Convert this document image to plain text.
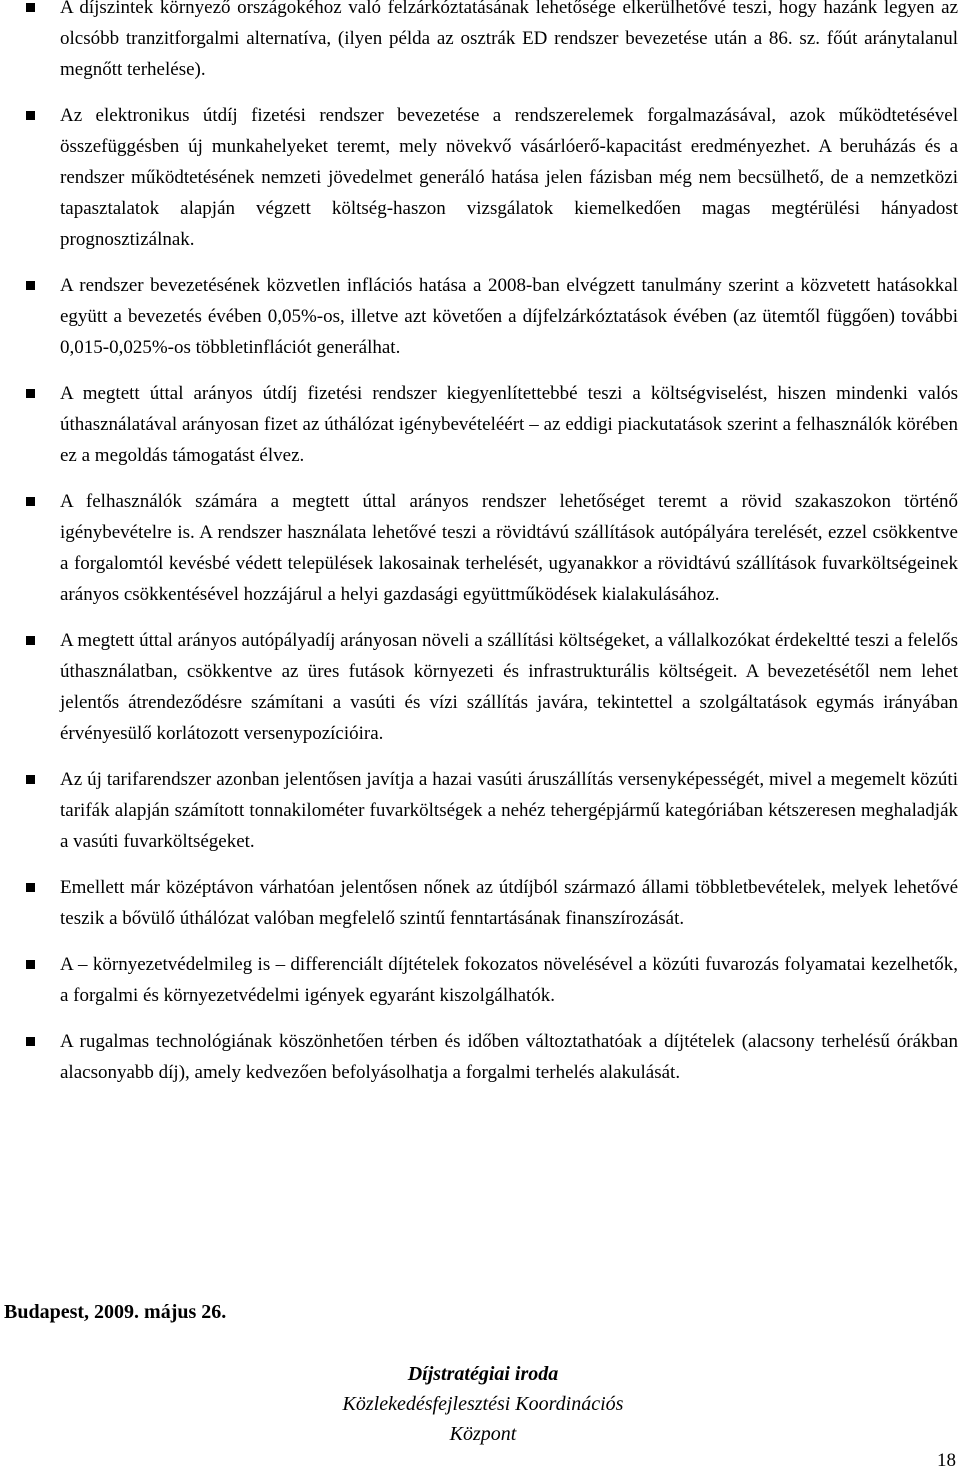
A díjszintek környező országokéhoz való felzárkóztatásának lehetősége elkerülhetővé teszi, hogy hazánk legyen az olcsóbb tranzitforgalmi alternatíva, (ilyen példa az osztrák ED rendszer bevezetése után a 86. sz. főút aránytalanul megnőtt terhelése).
Az elektronikus útdíj fizetési rendszer bevezetése a rendszerelemek forgalmazásával, azok működtetésével összefüggésben új munkahelyeket teremt, mely növekvő vásárlóerő-kapacitást eredményezhet. A beruházás és a rendszer működtetésének nemzeti jövedelmet generáló hatása jelen fázisban még nem becsülhető, de a nemzetközi tapasztalatok alapján végzett költség-haszon vizsgálatok kiemelkedően magas megtérülési hányadost prognosztizálnak.
A rendszer bevezetésének közvetlen inflációs hatása a 2008-ban elvégzett tanulmány szerint a közvetett hatásokkal együtt a bevezetés évében 0,05%-os, illetve azt követően a díjfelzárkóztatások évében (az ütemtől függően) további 0,015-0,025%-os többletinflációt generálhat.
A megtett úttal arányos útdíj fizetési rendszer kiegyenlítettebbé teszi a költségviselést, hiszen mindenki valós úthasználatával arányosan fizet az úthálózat igénybevételéért – az eddigi piackutatások szerint a felhasználók körében ez a megoldás támogatást élvez.
A felhasználók számára a megtett úttal arányos rendszer lehetőséget teremt a rövid szakaszokon történő igénybevételre is. A rendszer használata lehetővé teszi a rövidtávú szállítások autópályára terelését, ezzel csökkentve a forgalomtól kevésbé védett települések lakosainak terhelését, ugyanakkor a rövidtávú szállítások fuvarköltségeinek arányos csökkentésével hozzájárul a helyi gazdasági együttműködések kialakulásához.
A megtett úttal arányos autópályadíj arányosan növeli a szállítási költségeket, a vállalkozókat érdekeltté teszi a felelős úthasználatban, csökkentve az üres futások környezeti és infrastrukturális költségeit. A bevezetésétől nem lehet jelentős átrendeződésre számítani a vasúti és vízi szállítás javára, tekintettel a szolgáltatások egymás irányában érvényesülő korlátozott versenypozícióira.
Az új tarifarendszer azonban jelentősen javítja a hazai vasúti áruszállítás versenyképességét, mivel a megemelt közúti tarifák alapján számított tonnakilométer fuvarköltségek a nehéz tehergépjármű kategóriában kétszeresen meghaladják a vasúti fuvarköltségeket.
Emellett már középtávon várhatóan jelentősen nőnek az útdíjból származó állami többletbevételek, melyek lehetővé teszik a bővülő úthálózat valóban megfelelő szintű fenntartásának finanszírozását.
A – környezetvédelmileg is – differenciált díjtételek fokozatos növelésével a közúti fuvarozás folyamatai kezelhetők, a forgalmi és környezetvédelmi igények egyaránt kiszolgálhatók.
A rugalmas technológiának köszönhetően térben és időben változtathatóak a díjtételek (alacsony terhelésű órákban alacsonyabb díj), amely kedvezően befolyásolhatja a forgalmi terhelés alakulását.
Budapest, 2009. május 26.
Díjstratégiai iroda
Közlekedésfejlesztési Koordinációs Központ
18
